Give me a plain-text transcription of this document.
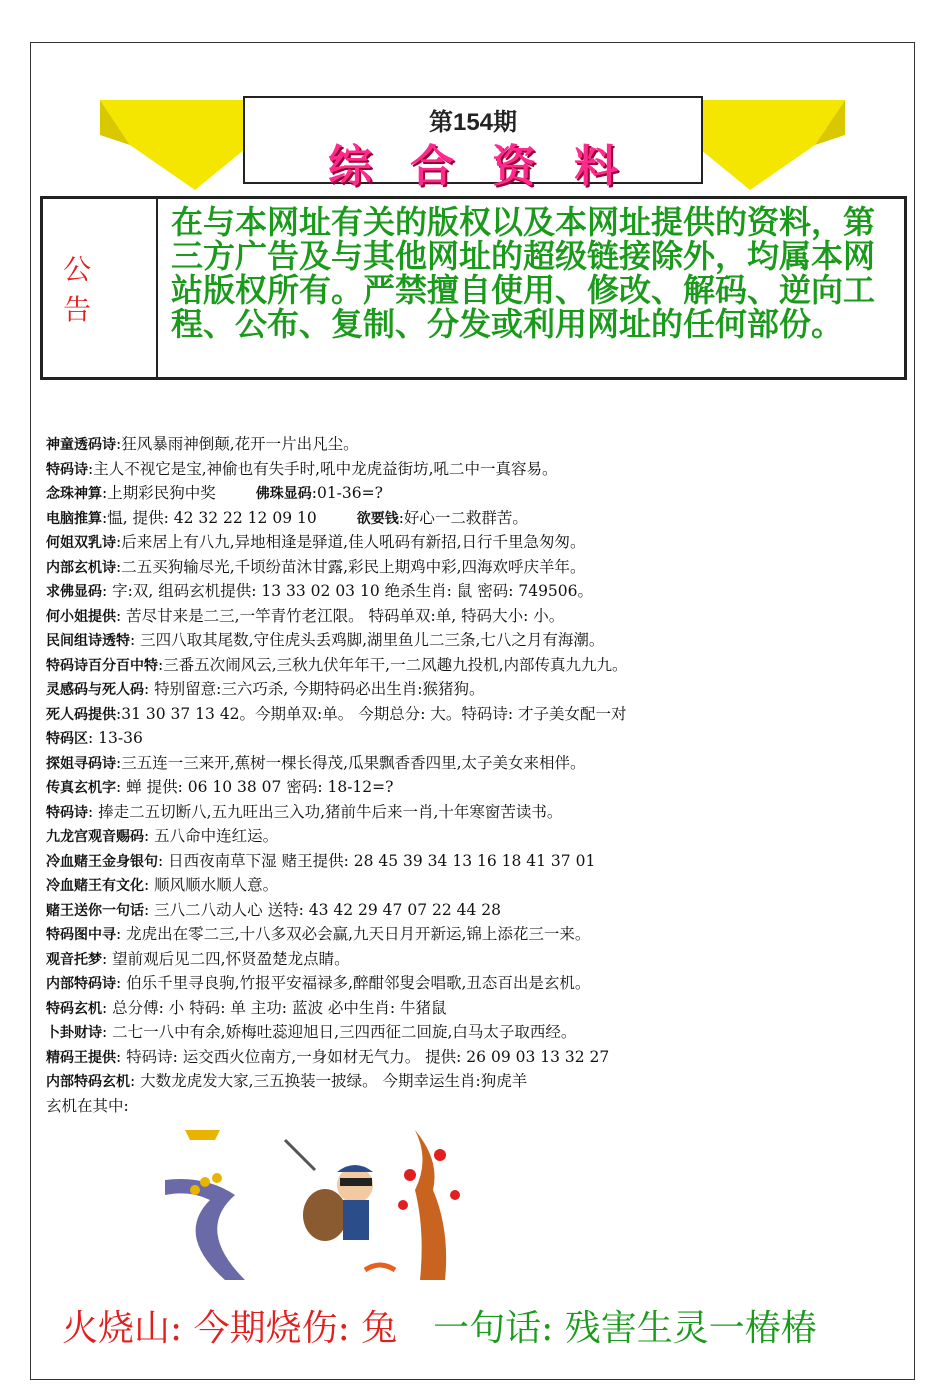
第154期
综合资料
公告
在与本网址有关的版权以及本网址提供的资料，第三方广告及与其他网址的超级链接除外，均属本网站版权所有。严禁擅自使用、修改、解码、逆向工程、公布、复制、分发或利用网址的任何部份。
神童透码诗:狂风暴雨神倒颠,花开一片出凡尘。
特码诗:主人不视它是宝,神偷也有失手时,吼中龙虎益街坊,吼二中一真容易。
念珠神算:上期彩民狗中奖	佛珠显码:01-36=?
电脑推算:愠, 提供: 42 32 22 12 09 10	欲要钱:好心一二救群苦。
何姐双乳诗:后来居上有八九,异地相逢是驿道,佳人吼码有新招,日行千里急匆匆。
内部玄机诗:二五买狗输尽光,千顷纷苗沐甘露,彩民上期鸡中彩,四海欢呼庆羊年。
求佛显码: 字:双, 组码玄机提供: 13 33 02 03 10 绝杀生肖: 鼠 密码: 749506。
何小姐提供: 苦尽甘来是二三,一竿青竹老江限。 特码单双:单, 特码大小: 小。
民间组诗透特: 三四八取其尾数,守住虎头丢鸡脚,湖里鱼儿二三条,七八之月有海潮。
特码诗百分百中特:三番五次闹风云,三秋九伏年年干,一二风趣九投机,内部传真九九九。
灵感码与死人码: 特别留意:三六巧杀, 今期特码必出生肖:猴猪狗。
死人码提供:31 30 37 13 42。今期单双:单。 今期总分: 大。特码诗: 才子美女配一对
特码区: 13-36
探姐寻码诗:三五连一三来开,蕉树一棵长得茂,瓜果飘香香四里,太子美女来相伴。
传真玄机字: 蝉 提供: 06 10 38 07 密码: 18-12=?
特码诗: 捧走二五切断八,五九旺出三入功,猪前牛后来一肖,十年寒窗苦读书。
九龙宫观音赐码: 五八命中连红运。
冷血赌王金身银句: 日西夜南草下湿 赌王提供: 28 45 39 34 13 16 18 41 37 01
冷血赌王有文化: 顺风顺水顺人意。
赌王送你一句话: 三八二八动人心 送特: 43 42 29 47 07 22 44 28
特码图中寻: 龙虎出在零二三,十八多双必会赢,九天日月开新运,锦上添花三一来。
观音托梦: 望前观后见二四,怀贤盈楚龙点睛。
内部特码诗: 伯乐千里寻良驹,竹报平安福禄多,醉酣邻叟会唱歌,丑态百出是玄机。
特码玄机: 总分傅: 小 特码: 单 主功: 蓝波 必中生肖: 牛猪鼠
卜卦财诗: 二七一八中有余,娇梅吐蕊迎旭日,三四西征二回旋,白马太子取西经。
精码王提供: 特码诗: 运交西火位南方,一身如材无气力。 提供: 26 09 03 13 32 27
内部特码玄机: 大数龙虎发大家,三五换装一披绿。 今期幸运生肖:狗虎羊
玄机在其中:
火烧山: 今期烧伤: 兔 一句话: 残害生灵一椿椿
